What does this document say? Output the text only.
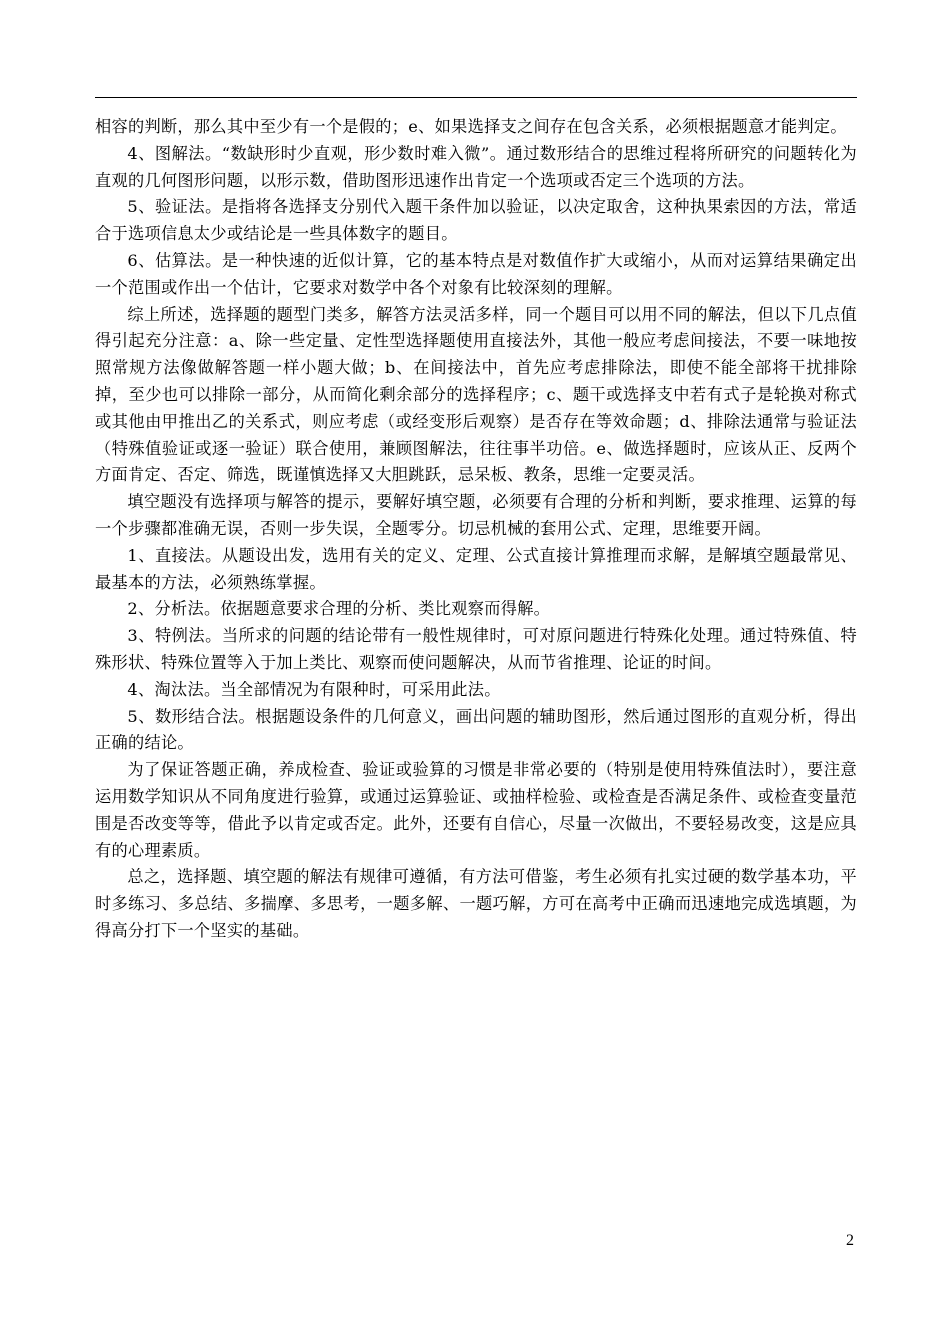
相容的判断，那么其中至少有一个是假的；e、如果选择支之间存在包含关系，必须根据题意才能判定。

4、图解法。“数缺形时少直观，形少数时难入微”。通过数形结合的思维过程将所研究的问题转化为直观的几何图形问题，以形示数，借助图形迅速作出肯定一个选项或否定三个选项的方法。

5、验证法。是指将各选择支分别代入题干条件加以验证，以决定取舍，这种执果索因的方法，常适合于选项信息太少或结论是一些具体数字的题目。

6、估算法。是一种快速的近似计算，它的基本特点是对数值作扩大或缩小，从而对运算结果确定出一个范围或作出一个估计，它要求对数学中各个对象有比较深刻的理解。

综上所述，选择题的题型门类多，解答方法灵活多样，同一个题目可以用不同的解法，但以下几点值得引起充分注意：a、除一些定量、定性型选择题使用直接法外，其他一般应考虑间接法，不要一味地按照常规方法像做解答题一样小题大做；b、在间接法中，首先应考虑排除法，即使不能全部将干扰排除掉，至少也可以排除一部分，从而简化剩余部分的选择程序；c、题干或选择支中若有式子是轮换对称式或其他由甲推出乙的关系式，则应考虑（或经变形后观察）是否存在等效命题；d、排除法通常与验证法（特殊值验证或逐一验证）联合使用，兼顾图解法，往往事半功倍。e、做选择题时，应该从正、反两个方面肯定、否定、筛选，既谨慎选择又大胆跳跃，忌呆板、教条，思维一定要灵活。

填空题没有选择项与解答的提示，要解好填空题，必须要有合理的分析和判断，要求推理、运算的每一个步骤都准确无误，否则一步失误，全题零分。切忌机械的套用公式、定理，思维要开阔。

1、直接法。从题设出发，选用有关的定义、定理、公式直接计算推理而求解，是解填空题最常见、最基本的方法，必须熟练掌握。

2、分析法。依据题意要求合理的分析、类比观察而得解。

3、特例法。当所求的问题的结论带有一般性规律时，可对原问题进行特殊化处理。通过特殊值、特殊形状、特殊位置等入于加上类比、观察而使问题解决，从而节省推理、论证的时间。

4、淘汰法。当全部情况为有限种时，可采用此法。

5、数形结合法。根据题设条件的几何意义，画出问题的辅助图形，然后通过图形的直观分析，得出正确的结论。

为了保证答题正确，养成检查、验证或验算的习惯是非常必要的（特别是使用特殊值法时），要注意运用数学知识从不同角度进行验算，或通过运算验证、或抽样检验、或检查是否满足条件、或检查变量范围是否改变等等，借此予以肯定或否定。此外，还要有自信心，尽量一次做出，不要轻易改变，这是应具有的心理素质。

总之，选择题、填空题的解法有规律可遵循，有方法可借鉴，考生必须有扎实过硬的数学基本功，平时多练习、多总结、多揣摩、多思考，一题多解、一题巧解，方可在高考中正确而迅速地完成选填题，为得高分打下一个坚实的基础。

2
